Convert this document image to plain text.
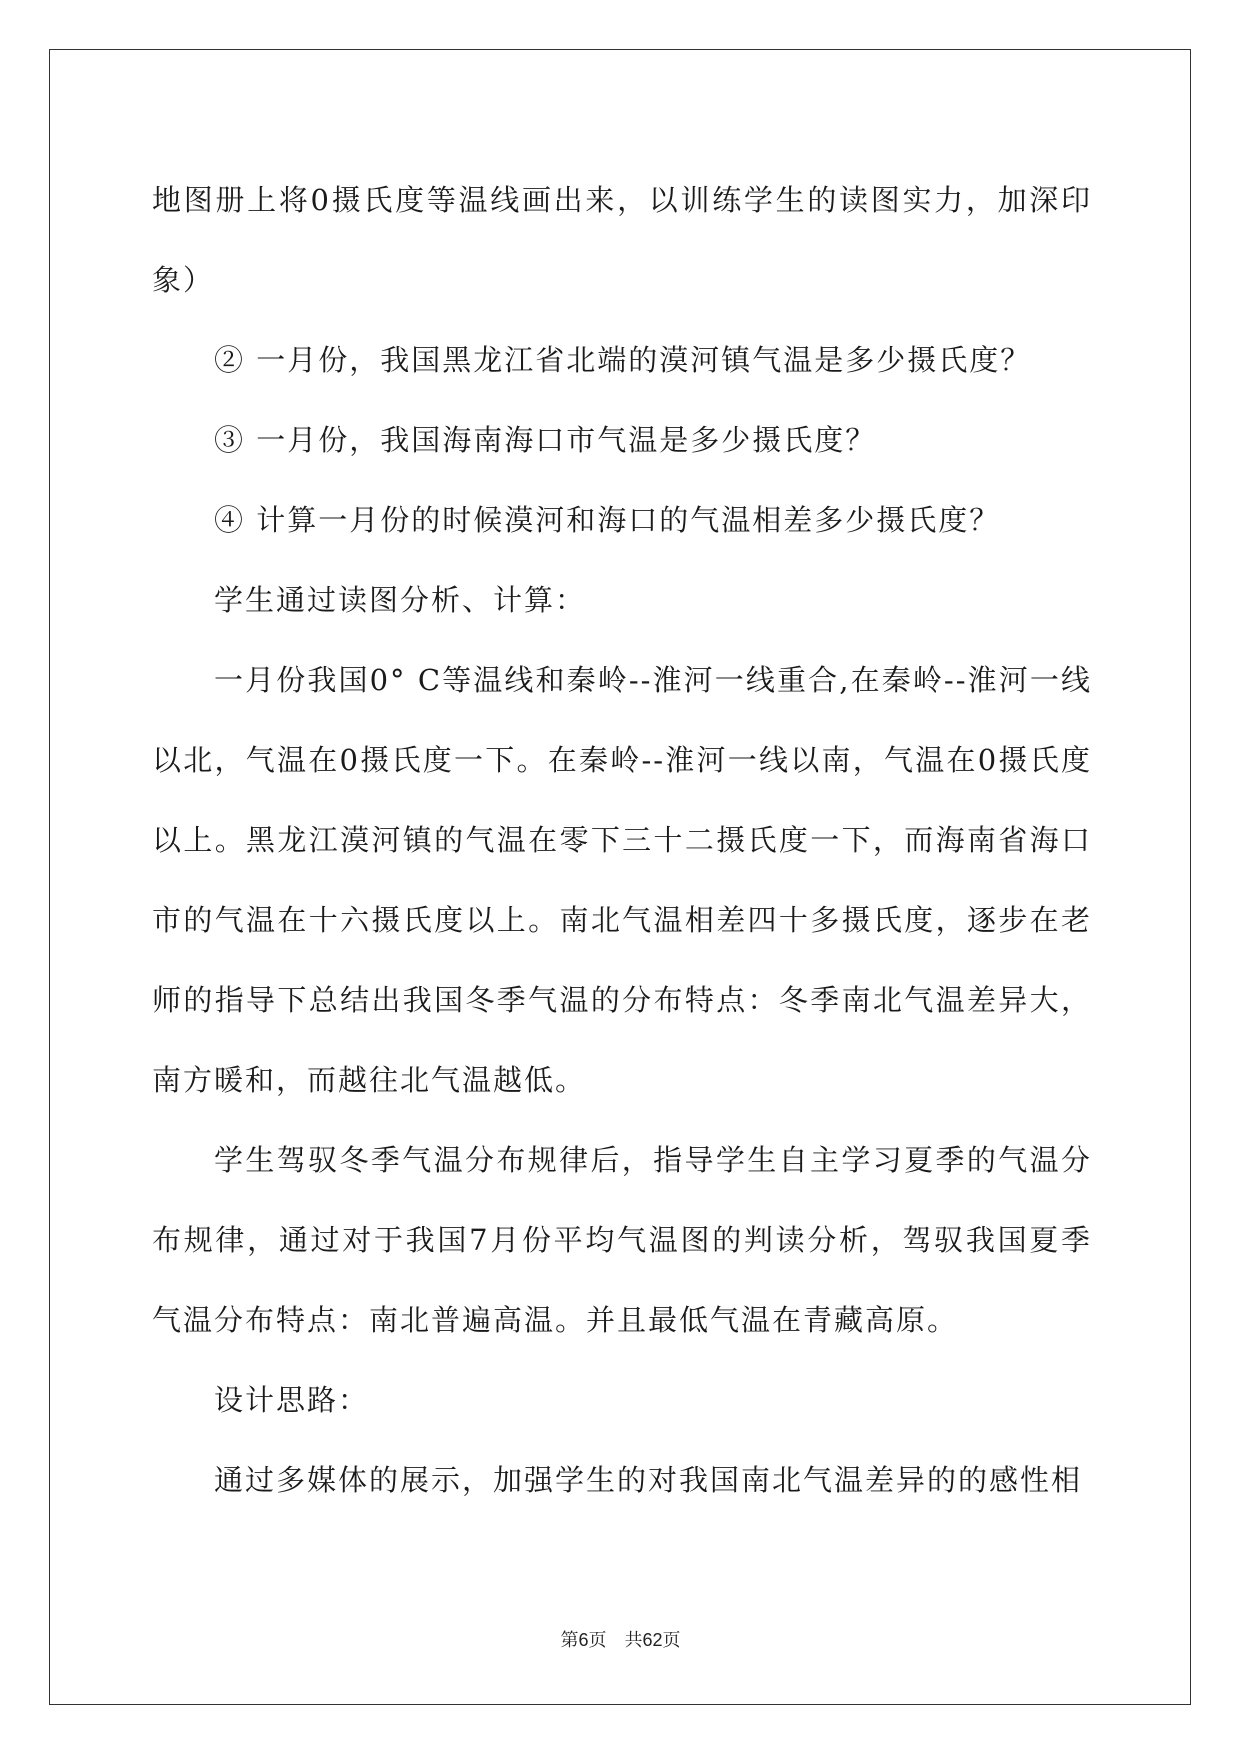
地图册上将0摄氏度等温线画出来，以训练学生的读图实力，加深印象）

② 一月份，我国黑龙江省北端的漠河镇气温是多少摄氏度？

③ 一月份，我国海南海口市气温是多少摄氏度？

④ 计算一月份的时候漠河和海口的气温相差多少摄氏度？

学生通过读图分析、计算：

一月份我国0° C等温线和秦岭--淮河一线重合,在秦岭--淮河一线以北，气温在0摄氏度一下。在秦岭--淮河一线以南，气温在0摄氏度以上。黑龙江漠河镇的气温在零下三十二摄氏度一下，而海南省海口市的气温在十六摄氏度以上。南北气温相差四十多摄氏度，逐步在老师的指导下总结出我国冬季气温的分布特点：冬季南北气温差异大，南方暖和，而越往北气温越低。

学生驾驭冬季气温分布规律后，指导学生自主学习夏季的气温分布规律，通过对于我国7月份平均气温图的判读分析，驾驭我国夏季气温分布特点：南北普遍高温。并且最低气温在青藏高原。

设计思路：

通过多媒体的展示，加强学生的对我国南北气温差异的的感性相

第6页　共62页
